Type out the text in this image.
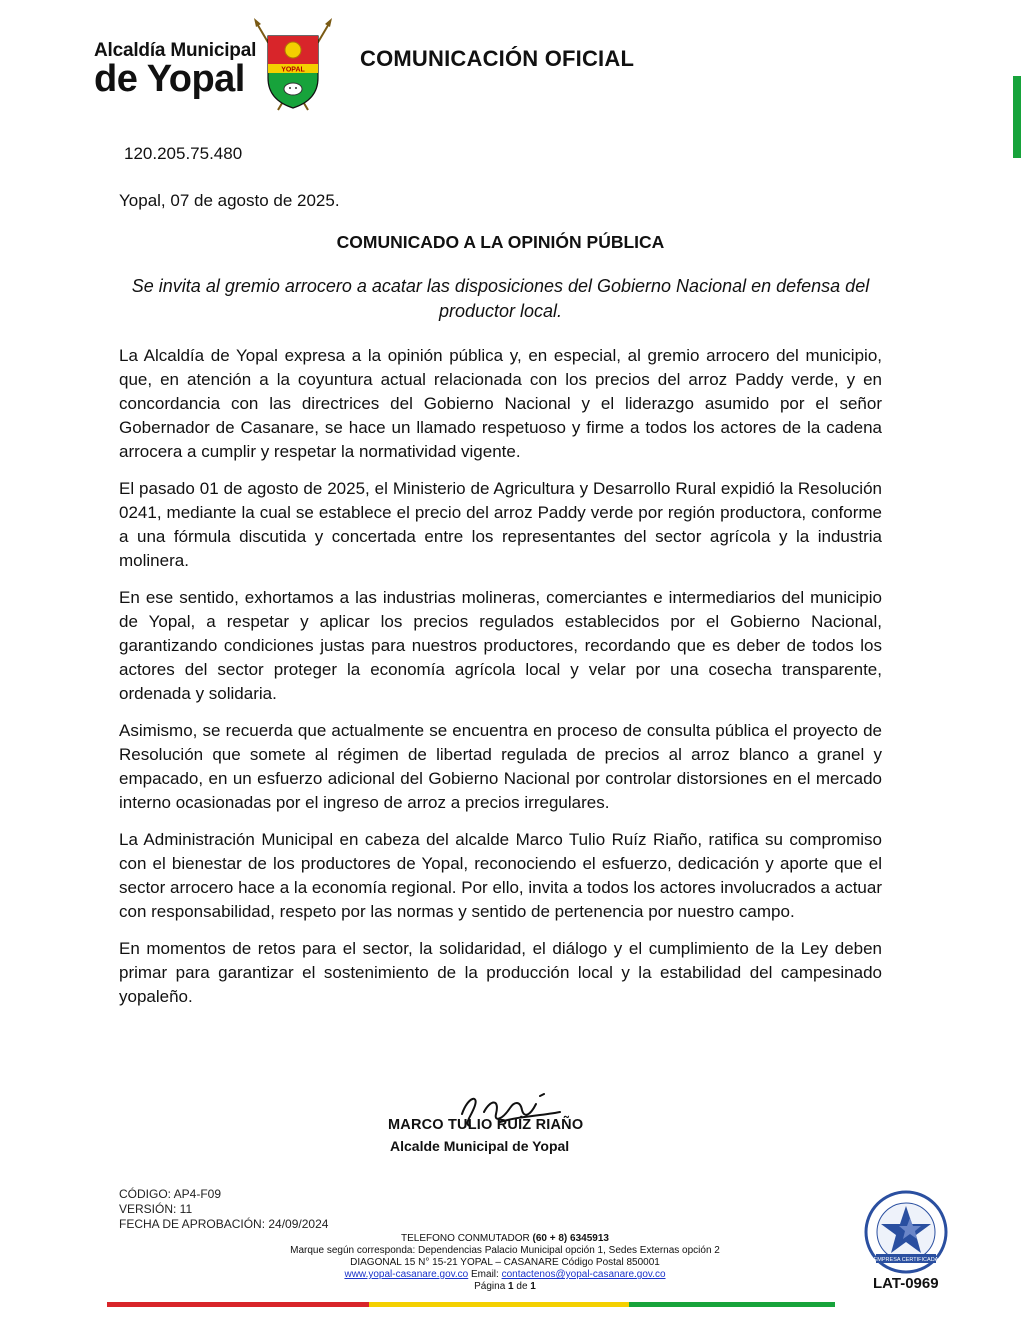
Alcaldía Municipal
de Yopal	YOPAL	COMUNICACIÓN OFICIAL
120.205.75.480
Yopal, 07 de agosto de 2025.
COMUNICADO A LA OPINIÓN PÚBLICA
Se invita al gremio arrocero a acatar las disposiciones del Gobierno Nacional en defensa del productor local.

La Alcaldía de Yopal expresa a la opinión pública y, en especial, al gremio arrocero del municipio, que, en atención a la coyuntura actual relacionada con los precios del arroz Paddy verde, y en concordancia con las directrices del Gobierno Nacional y el liderazgo asumido por el señor Gobernador de Casanare, se hace un llamado respetuoso y firme a todos los actores de la cadena arrocera a cumplir y respetar la normatividad vigente.

El pasado 01 de agosto de 2025, el Ministerio de Agricultura y Desarrollo Rural expidió la Resolución 0241, mediante la cual se establece el precio del arroz Paddy verde por región productora, conforme a una fórmula discutida y concertada entre los representantes del sector agrícola y la industria molinera.

En ese sentido, exhortamos a las industrias molineras, comerciantes e intermediarios del municipio de Yopal, a respetar y aplicar los precios regulados establecidos por el Gobierno Nacional, garantizando condiciones justas para nuestros productores, recordando que es deber de todos los actores del sector proteger la economía agrícola local y velar por una cosecha transparente, ordenada y solidaria.

Asimismo, se recuerda que actualmente se encuentra en proceso de consulta pública el proyecto de Resolución que somete al régimen de libertad regulada de precios al arroz blanco a granel y empacado, en un esfuerzo adicional del Gobierno Nacional por controlar distorsiones en el mercado interno ocasionadas por el ingreso de arroz a precios irregulares.

La Administración Municipal en cabeza del alcalde Marco Tulio Ruíz Riaño, ratifica su compromiso con el bienestar de los productores de Yopal, reconociendo el esfuerzo, dedicación y aporte que el sector arrocero hace a la economía regional. Por ello, invita a todos los actores involucrados a actuar con responsabilidad, respeto por las normas y sentido de pertenencia por nuestro campo.

En momentos de retos para el sector, la solidaridad, el diálogo y el cumplimiento de la Ley deben primar para garantizar el sostenimiento de la producción local y la estabilidad del campesinado yopaleño.

MARCO TULIO RUÍZ RIAÑO
Alcalde Municipal de Yopal
CÓDIGO: AP4-F09
VERSIÓN: 11
FECHA DE APROBACIÓN: 24/09/2024
TELEFONO CONMUTADOR (60 + 8) 6345913
Marque según corresponda: Dependencias Palacio Municipal opción 1, Sedes Externas opción 2
DIAGONAL 15 N° 15-21 YOPAL – CASANARE Código Postal 850001
www.yopal-casanare.gov.co Email: contactenos@yopal-casanare.gov.co
Página 1 de 1
EMPRESA CERTIFICADA
LAT-0969
